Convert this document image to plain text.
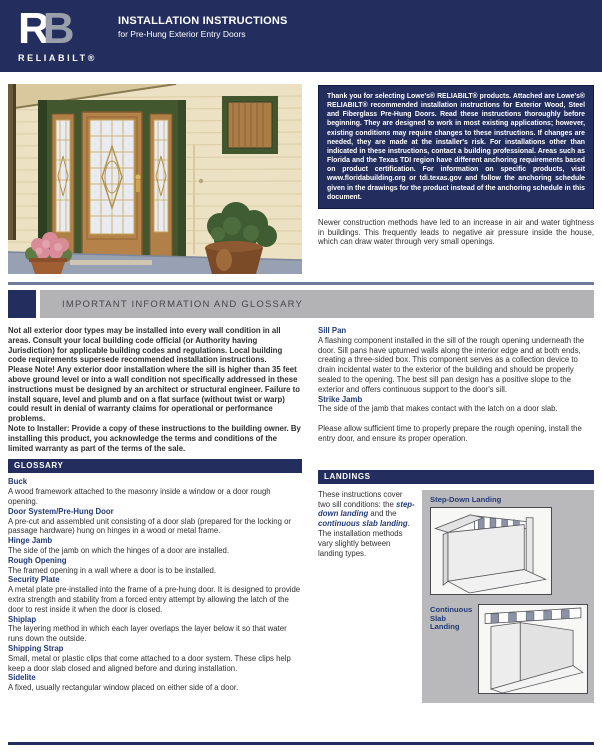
RB
RELIABILT®
INSTALLATION INSTRUCTIONS
for Pre-Hung Exterior Entry Doors
Thank you for selecting Lowe's® RELIABILT® products. Attached are Lowe's® RELIABILT® recommended installation instructions for Exterior Wood, Steel and Fiberglass Pre-Hung Doors. Read these instructions thoroughly before beginning. They are designed to work in most existing applications; however, existing conditions may require changes to these instructions. If changes are needed, they are made at the installer's risk. For installations other than indicated in these instructions, contact a building professional. Areas such as Florida and the Texas TDI region have different anchoring requirements based on product certification. For information on specific products, visit www.floridabuilding.org or tdi.texas.gov and follow the anchoring schedule given in the drawings for the product instead of the anchoring schedule in this document.
Newer construction methods have led to an increase in air and water tightness in buildings. This frequently leads to negative air pressure inside the house, which can draw water through very small openings.
IMPORTANT INFORMATION AND GLOSSARY

Not all exterior door types may be installed into every wall condition in all areas. Consult your local building code official (or Authority having Jurisdiction) for applicable building codes and regulations. Local building code requirements supersede recommended installation instructions.

Please Note! Any exterior door installation where the sill is higher than 35 feet above ground level or into a wall condition not specifically addressed in these instructions must be designed by an architect or structural engineer. Failure to install square, level and plumb and on a flat surface (without twist or warp) could result in denial of warranty claims for operational or performance problems.

Note to Installer: Provide a copy of these instructions to the building owner. By installing this product, you acknowledge the terms and conditions of the limited warranty as part of the terms of the sale.

GLOSSARY
Buck
A wood framework attached to the masonry inside a window or a door rough opening.
Door System/Pre-Hung Door
A pre-cut and assembled unit consisting of a door slab (prepared for the locking or passage hardware) hung on hinges in a wood or metal frame.
Hinge Jamb
The side of the jamb on which the hinges of a door are installed.
Rough Opening
The framed opening in a wall where a door is to be installed.
Security Plate
A metal plate pre-installed into the frame of a pre-hung door. It is designed to provide extra strength and stability from a forced entry attempt by allowing the latch of the door to rest inside it when the door is closed.
Shiplap
The layering method in which each layer overlaps the layer below it so that water runs down the outside.
Shipping Strap
Small, metal or plastic clips that come attached to a door system. These clips help keep a door slab closed and aligned before and during installation.
Sidelite
A fixed, usually rectangular window placed on either side of a door.
Sill Pan
A flashing component installed in the sill of the rough opening underneath the door. Sill pans have upturned walls along the interior edge and at both ends, creating a three-sided box. This component serves as a collection device to drain incidental water to the exterior of the building and should be properly sealed to the opening. The best sill pan design has a positive slope to the exterior and offers continuous support to the door's sill.
Strike Jamb
The side of the jamb that makes contact with the latch on a door slab.
Please allow sufficient time to properly prepare the rough opening, install the entry door, and ensure its proper operation.
LANDINGS
These instructions cover two sill conditions: the step-down landing and the continuous slab landing. The installation methods vary slightly between landing types.
Step-Down Landing
Continuous Slab Landing
